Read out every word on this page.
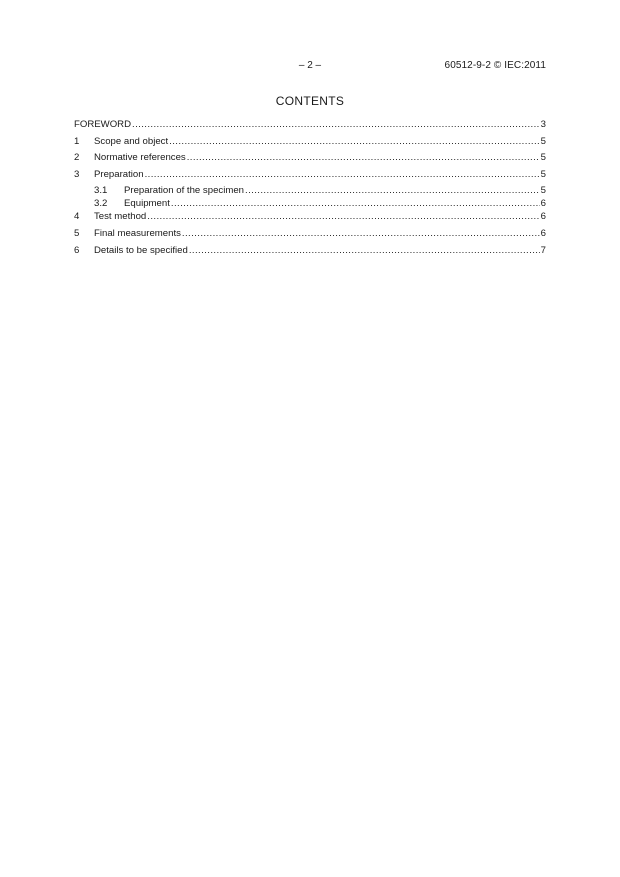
– 2 –	60512-9-2 © IEC:2011
CONTENTS
FOREWORD .....	3
1	Scope and object .....	5
2	Normative references .....	5
3	Preparation .....	5
3.1	Preparation of the specimen .....	5
3.2	Equipment .....	6
4	Test method .....	6
5	Final measurements .....	6
6	Details to be specified .....	7
